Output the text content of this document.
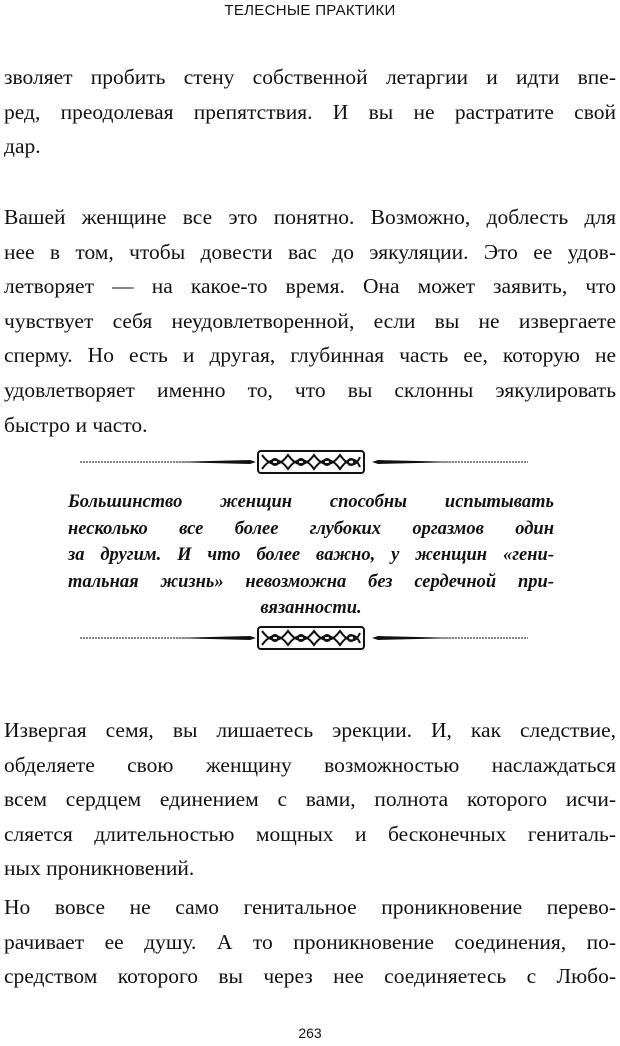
ТЕЛЕСНЫЕ ПРАКТИКИ
зволяет пробить стену собственной летаргии и идти впе-
ред, преодолевая препятствия. И вы не растратите свой
дар.
Вашей женщине все это понятно. Возможно, доблесть для
нее в том, чтобы довести вас до эякуляции. Это ее удов-
летворяет — на какое-то время. Она может заявить, что
чувствует себя неудовлетворенной, если вы не извергаете
сперму. Но есть и другая, глубинная часть ее, которую не
удовлетворяет именно то, что вы склонны эякулировать
быстро и часто.
Большинство женщин способны испытывать
несколько все более глубоких оргазмов один
за другим. И что более важно, у женщин «гени-
тальная жизнь» невозможна без сердечной при-
вязанности.
Извергая семя, вы лишаетесь эрекции. И, как следствие,
обделяете свою женщину возможностью наслаждаться
всем сердцем единением с вами, полнота которого исчи-
сляется длительностью мощных и бесконечных гениталь-
ных проникновений.
Но вовсе не само генитальное проникновение перево-
рачивает ее душу. А то проникновение соединения, по-
средством которого вы через нее соединяетесь с Любо-
263
